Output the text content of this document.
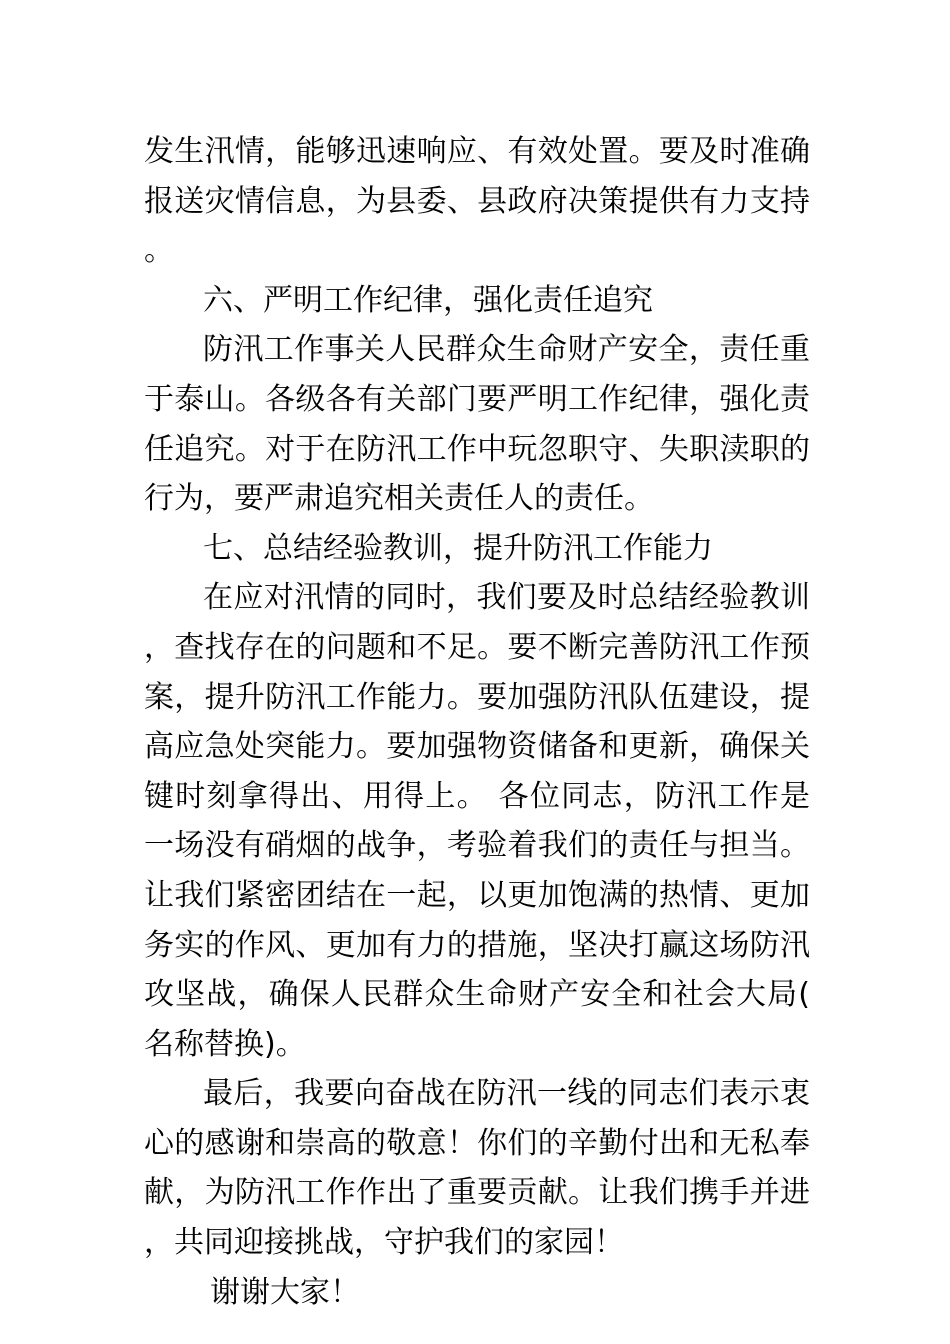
发生汛情，能够迅速响应、有效处置。要及时准确报送灾情信息，为县委、县政府决策提供有力支持。

六、严明工作纪律，强化责任追究

防汛工作事关人民群众生命财产安全，责任重于泰山。各级各有关部门要严明工作纪律，强化责任追究。对于在防汛工作中玩忽职守、失职渎职的行为，要严肃追究相关责任人的责任。

七、总结经验教训，提升防汛工作能力

在应对汛情的同时，我们要及时总结经验教训，查找存在的问题和不足。要不断完善防汛工作预案，提升防汛工作能力。要加强防汛队伍建设，提高应急处突能力。要加强物资储备和更新，确保关键时刻拿得出、用得上。 各位同志，防汛工作是一场没有硝烟的战争，考验着我们的责任与担当。让我们紧密团结在一起，以更加饱满的热情、更加务实的作风、更加有力的措施，坚决打赢这场防汛攻坚战，确保人民群众生命财产安全和社会大局(名称替换)。

最后，我要向奋战在防汛一线的同志们表示衷心的感谢和崇高的敬意！你们的辛勤付出和无私奉献，为防汛工作作出了重要贡献。让我们携手并进，共同迎接挑战，守护我们的家园！

谢谢大家！
